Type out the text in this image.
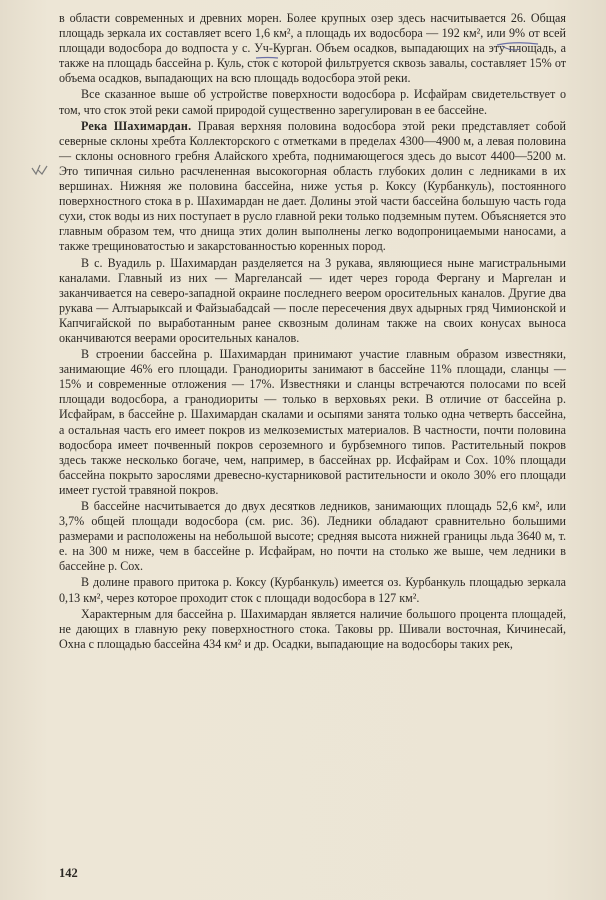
в области современных и древних морен. Более крупных озер здесь насчитывается 26. Общая площадь зеркала их составляет всего 1,6 км², а площадь их водосбора — 192 км², или 9% от всей площади водосбора до водпоста у с. Уч-Курган. Объем осадков, выпадающих на эту площадь, а также на площадь бассейна р. Куль, сток с которой фильтруется сквозь завалы, составляет 15% от объема осадков, выпадающих на всю площадь водосбора этой реки.

Все сказанное выше об устройстве поверхности водосбора р. Исфайрам свидетельствует о том, что сток этой реки самой природой существенно зарегулирован в ее бассейне.

Река Шахимардан. Правая верхняя половина водосбора этой реки представляет собой северные склоны хребта Коллекторского с отметками в пределах 4300—4900 м, а левая половина — склоны основного гребня Алайского хребта, поднимающегося здесь до высот 4400—5200 м. Это типичная сильно расчлененная высокогорная область глубоких долин с ледниками в их вершинах. Нижняя же половина бассейна, ниже устья р. Коксу (Курбанкуль), постоянного поверхностного стока в р. Шахимардан не дает. Долины этой части бассейна большую часть года сухи, сток воды из них поступает в русло главной реки только подземным путем. Объясняется это главным образом тем, что днища этих долин выполнены легко водопроницаемыми наносами, а также трещиноватостью и закарстованностью коренных пород.

В с. Вуадиль р. Шахимардан разделяется на 3 рукава, являющиеся ныне магистральными каналами. Главный из них — Маргелансай — идет через города Фергану и Маргелан и заканчивается на северо-западной окраине последнего веером оросительных каналов. Другие два рукава — Алтыарыксай и Файзыабадсай — после пересечения двух адырных гряд Чимионской и Капчигайской по выработанным ранее сквозным долинам также на своих конусах выноса оканчиваются веерами оросительных каналов.

В строении бассейна р. Шахимардан принимают участие главным образом известняки, занимающие 46% его площади. Гранодиориты занимают в бассейне 11% площади, сланцы — 15% и современные отложения — 17%. Известняки и сланцы встречаются полосами по всей площади водосбора, а гранодиориты — только в верховьях реки. В отличие от бассейна р. Исфайрам, в бассейне р. Шахимардан скалами и осыпями занята только одна четверть бассейна, а остальная часть его имеет покров из мелкоземистых материалов. В частности, почти половина водосбора имеет почвенный покров сероземного и бурбземного типов. Растительный покров здесь также несколько богаче, чем, например, в бассейнах рр. Исфайрам и Сох. 10% площади бассейна покрыто зарослями древесно-кустарниковой растительности и около 30% его площади имеет густой травяной покров.

В бассейне насчитывается до двух десятков ледников, занимающих площадь 52,6 км², или 3,7% общей площади водосбора (см. рис. 36). Ледники обладают сравнительно большими размерами и расположены на небольшой высоте; средняя высота нижней границы льда 3640 м, т. е. на 300 м ниже, чем в бассейне р. Исфайрам, но почти на столько же выше, чем ледники в бассейне р. Сох.

В долине правого притока р. Коксу (Курбанкуль) имеется оз. Курбанкуль площадью зеркала 0,13 км², через которое проходит сток с площади водосбора в 127 км².

Характерным для бассейна р. Шахимардан является наличие большого процента площадей, не дающих в главную реку поверхностного стока. Таковы рр. Шивали восточная, Кичинесай, Охна с площадью бассейна 434 км² и др. Осадки, выпадающие на водосборы таких рек,

142
